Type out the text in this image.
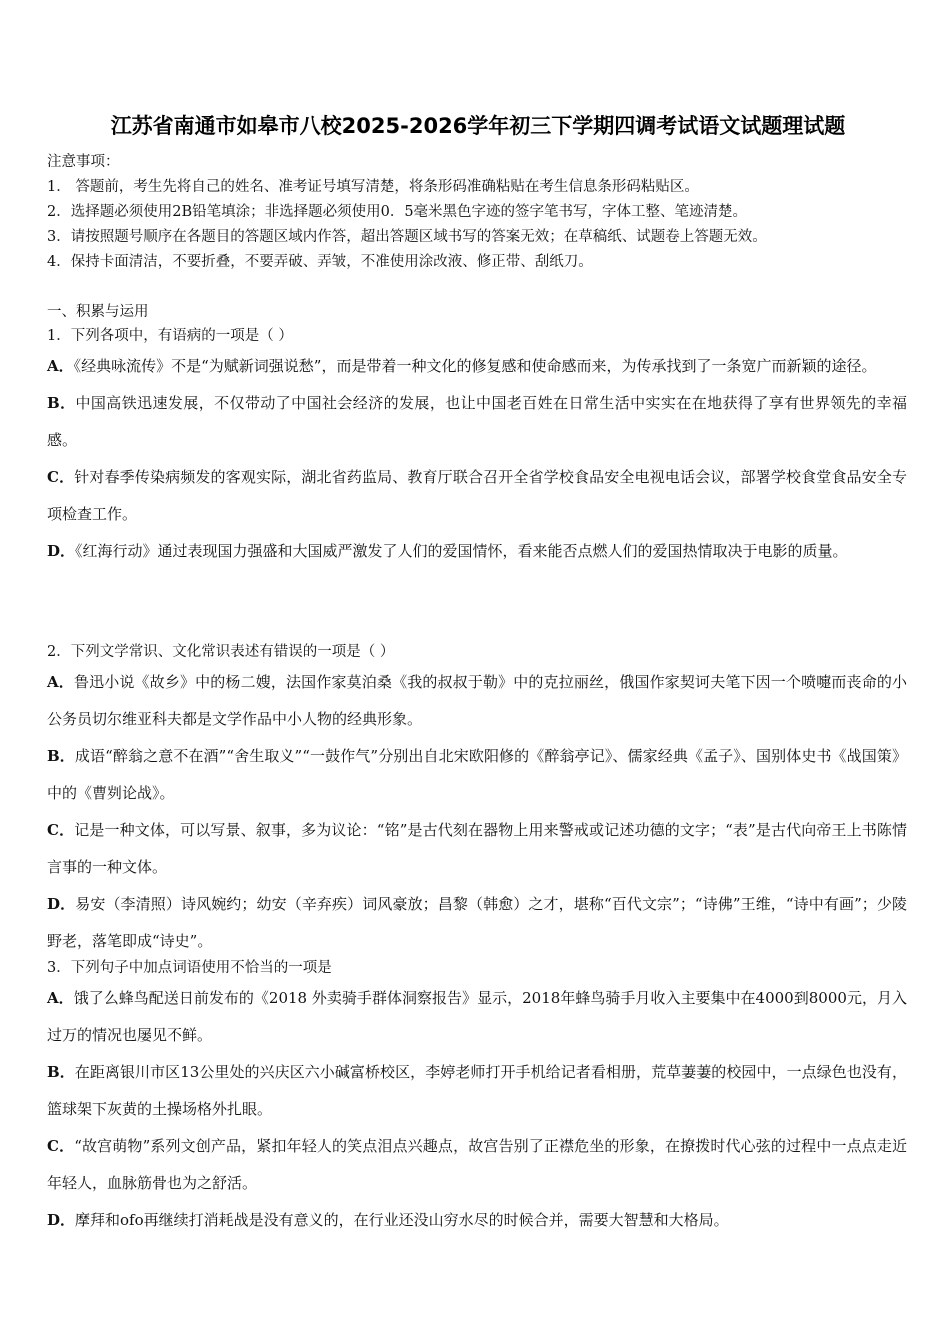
江苏省南通市如皋市八校2025-2026学年初三下学期四调考试语文试题理试题
注意事项：
1． 答题前，考生先将自己的姓名、准考证号填写清楚，将条形码准确粘贴在考生信息条形码粘贴区。
2．选择题必须使用2B铅笔填涂；非选择题必须使用0．5毫米黑色字迹的签字笔书写，字体工整、笔迹清楚。
3．请按照题号顺序在各题目的答题区域内作答，超出答题区域书写的答案无效；在草稿纸、试题卷上答题无效。
4．保持卡面清洁，不要折叠，不要弄破、弄皱，不准使用涂改液、修正带、刮纸刀。
一、积累与运用
1．下列各项中，有语病的一项是（ ）
A．《经典咏流传》不是“为赋新词强说愁”，而是带着一种文化的修复感和使命感而来，为传承找到了一条宽广而新颖的途径。
B．中国高铁迅速发展，不仅带动了中国社会经济的发展，也让中国老百姓在日常生活中实实在在地获得了享有世界领先的幸福感。
C．针对春季传染病频发的客观实际，湖北省药监局、教育厅联合召开全省学校食品安全电视电话会议，部署学校食堂食品安全专项检查工作。
D．《红海行动》通过表现国力强盛和大国威严激发了人们的爱国情怀，看来能否点燃人们的爱国热情取决于电影的质量。
2．下列文学常识、文化常识表述有错误的一项是（ ）
A．鲁迅小说《故乡》中的杨二嫂，法国作家莫泊桑《我的叔叔于勒》中的克拉丽丝，俄国作家契诃夫笔下因一个喷嚏而丧命的小公务员切尔维亚科夫都是文学作品中小人物的经典形象。
B．成语“醉翁之意不在酒”“舍生取义”“一鼓作气”分别出自北宋欧阳修的《醉翁亭记》、儒家经典《孟子》、国别体史书《战国策》中的《曹刿论战》。
C．记是一种文体，可以写景、叙事，多为议论：“铭”是古代刻在器物上用来警戒或记述功德的文字；“表”是古代向帝王上书陈情言事的一种文体。
D．易安（李清照）诗风婉约；幼安（辛弃疾）词风豪放；昌黎（韩愈）之才，堪称“百代文宗”；“诗佛”王维，“诗中有画”；少陵野老，落笔即成“诗史”。
3．下列句子中加点词语使用不恰当的一项是
A．饿了么蜂鸟配送日前发布的《2018 外卖骑手群体洞察报告》显示，2018年蜂鸟骑手月收入主要集中在4000到8000元，月入过万的情况也屡见不鲜。
B．在距离银川市区13公里处的兴庆区六小碱富桥校区，李婷老师打开手机给记者看相册，荒草萋萋的校园中，一点绿色也没有，篮球架下灰黄的土操场格外扎眼。
C．“故宫萌物”系列文创产品，紧扣年轻人的笑点泪点兴趣点，故宫告别了正襟危坐的形象，在撩拨时代心弦的过程中一点点走近年轻人，血脉筋骨也为之舒活。
D．摩拜和ofo再继续打消耗战是没有意义的，在行业还没山穷水尽的时候合并，需要大智慧和大格局。
